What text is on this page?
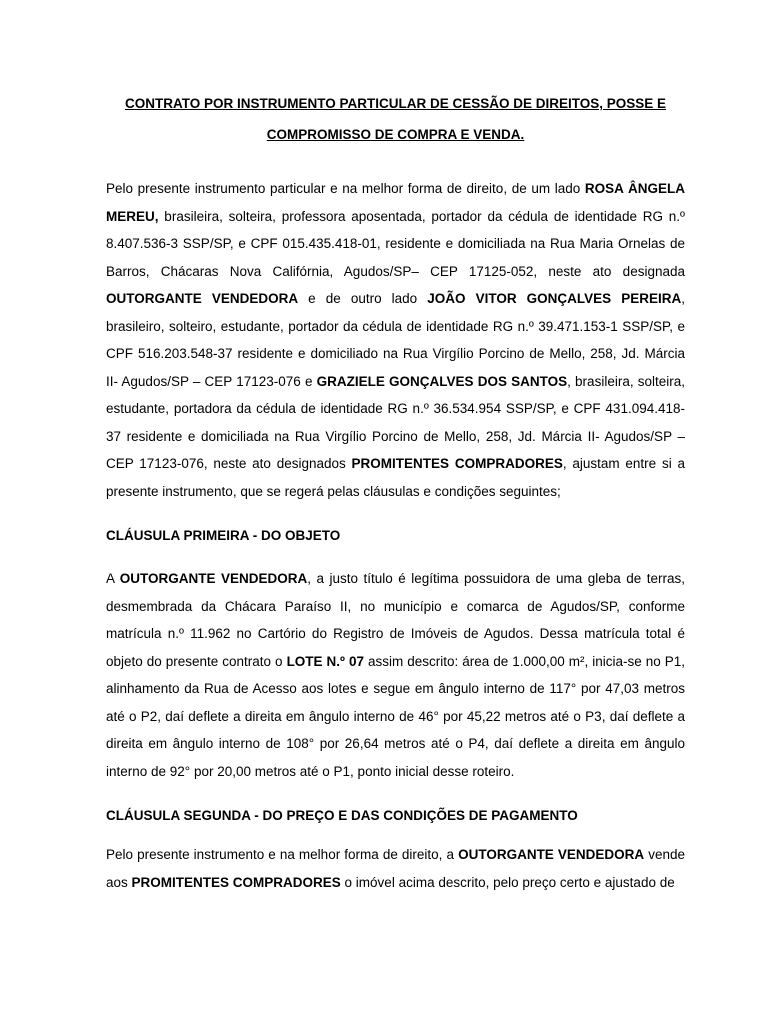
CONTRATO POR INSTRUMENTO PARTICULAR DE CESSÃO DE DIREITOS, POSSE E

COMPROMISSO DE COMPRA E VENDA.

Pelo presente instrumento particular e na melhor forma de direito, de um lado ROSA ÂNGELA MEREU, brasileira, solteira, professora aposentada, portador da cédula de identidade RG n.º 8.407.536-3 SSP/SP, e CPF 015.435.418-01, residente e domiciliada na Rua Maria Ornelas de Barros, Chácaras Nova Califórnia, Agudos/SP– CEP 17125-052, neste ato designada OUTORGANTE VENDEDORA e de outro lado JOÃO VITOR GONÇALVES PEREIRA, brasileiro, solteiro, estudante, portador da cédula de identidade RG n.º 39.471.153-1 SSP/SP, e CPF 516.203.548-37 residente e domiciliado na Rua Virgílio Porcino de Mello, 258, Jd. Márcia II- Agudos/SP – CEP 17123-076 e GRAZIELE GONÇALVES DOS SANTOS, brasileira, solteira, estudante, portadora da cédula de identidade RG n.º 36.534.954 SSP/SP, e CPF 431.094.418-37 residente e domiciliada na Rua Virgílio Porcino de Mello, 258, Jd. Márcia II- Agudos/SP – CEP 17123-076, neste ato designados PROMITENTES COMPRADORES, ajustam entre si a presente instrumento, que se regerá pelas cláusulas e condições seguintes;

CLÁUSULA PRIMEIRA - DO OBJETO

A OUTORGANTE VENDEDORA, a justo título é legítima possuidora de uma gleba de terras, desmembrada da Chácara Paraíso II, no município e comarca de Agudos/SP, conforme matrícula n.º 11.962 no Cartório do Registro de Imóveis de Agudos. Dessa matrícula total é objeto do presente contrato o LOTE N.º 07 assim descrito: área de 1.000,00 m², inicia-se no P1, alinhamento da Rua de Acesso aos lotes e segue em ângulo interno de 117° por 47,03 metros até o P2, daí deflete a direita em ângulo interno de 46° por 45,22 metros até o P3, daí deflete a direita em ângulo interno de 108° por 26,64 metros até o P4, daí deflete a direita em ângulo interno de 92° por 20,00 metros até o P1, ponto inicial desse roteiro.

CLÁUSULA SEGUNDA - DO PREÇO E DAS CONDIÇÕES DE PAGAMENTO

Pelo presente instrumento e na melhor forma de direito, a OUTORGANTE VENDEDORA vende aos PROMITENTES COMPRADORES o imóvel acima descrito, pelo preço certo e ajustado de
